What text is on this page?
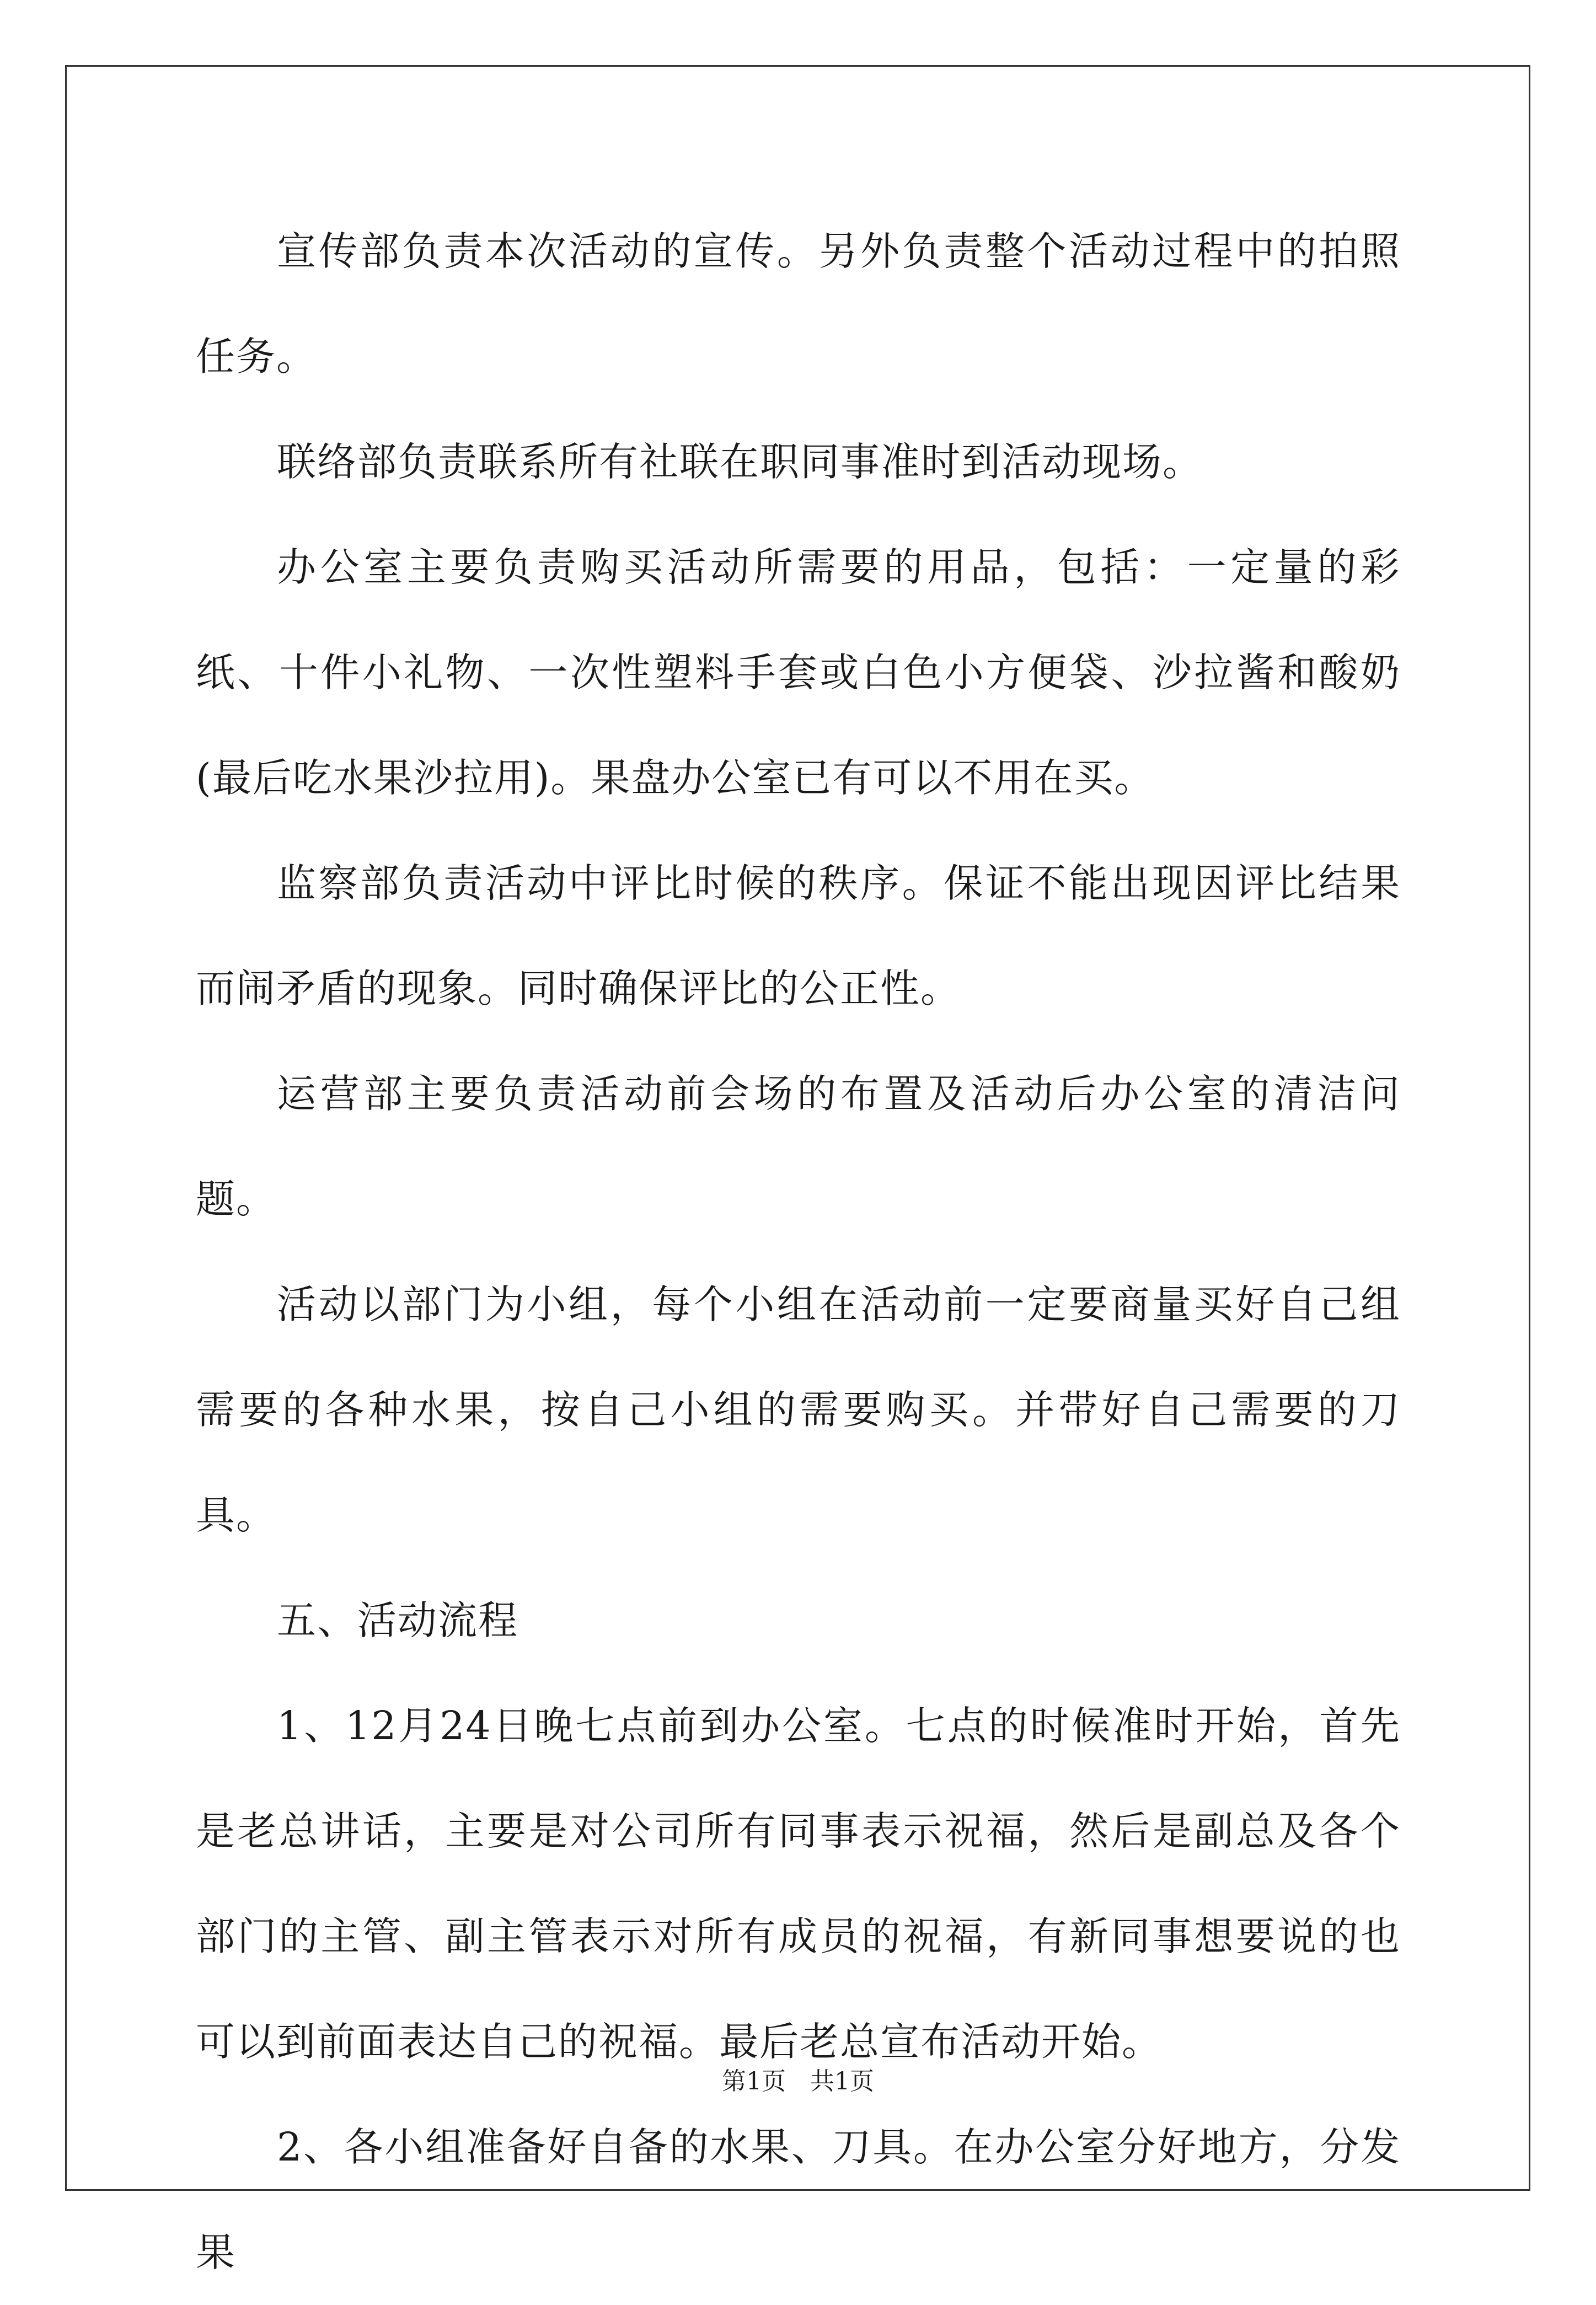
宣传部负责本次活动的宣传。另外负责整个活动过程中的拍照任务。

联络部负责联系所有社联在职同事准时到活动现场。

办公室主要负责购买活动所需要的用品，包括：一定量的彩纸、十件小礼物、一次性塑料手套或白色小方便袋、沙拉酱和酸奶(最后吃水果沙拉用)。果盘办公室已有可以不用在买。

监察部负责活动中评比时候的秩序。保证不能出现因评比结果而闹矛盾的现象。同时确保评比的公正性。

运营部主要负责活动前会场的布置及活动后办公室的清洁问题。

活动以部门为小组，每个小组在活动前一定要商量买好自己组需要的各种水果，按自己小组的需要购买。并带好自己需要的刀具。

五、活动流程

1、12月24日晚七点前到办公室。七点的时候准时开始，首先是老总讲话，主要是对公司所有同事表示祝福，然后是副总及各个部门的主管、副主管表示对所有成员的祝福，有新同事想要说的也可以到前面表达自己的祝福。最后老总宣布活动开始。

2、各小组准备好自备的水果、刀具。在办公室分好地方，分发果

第1页　共1页
